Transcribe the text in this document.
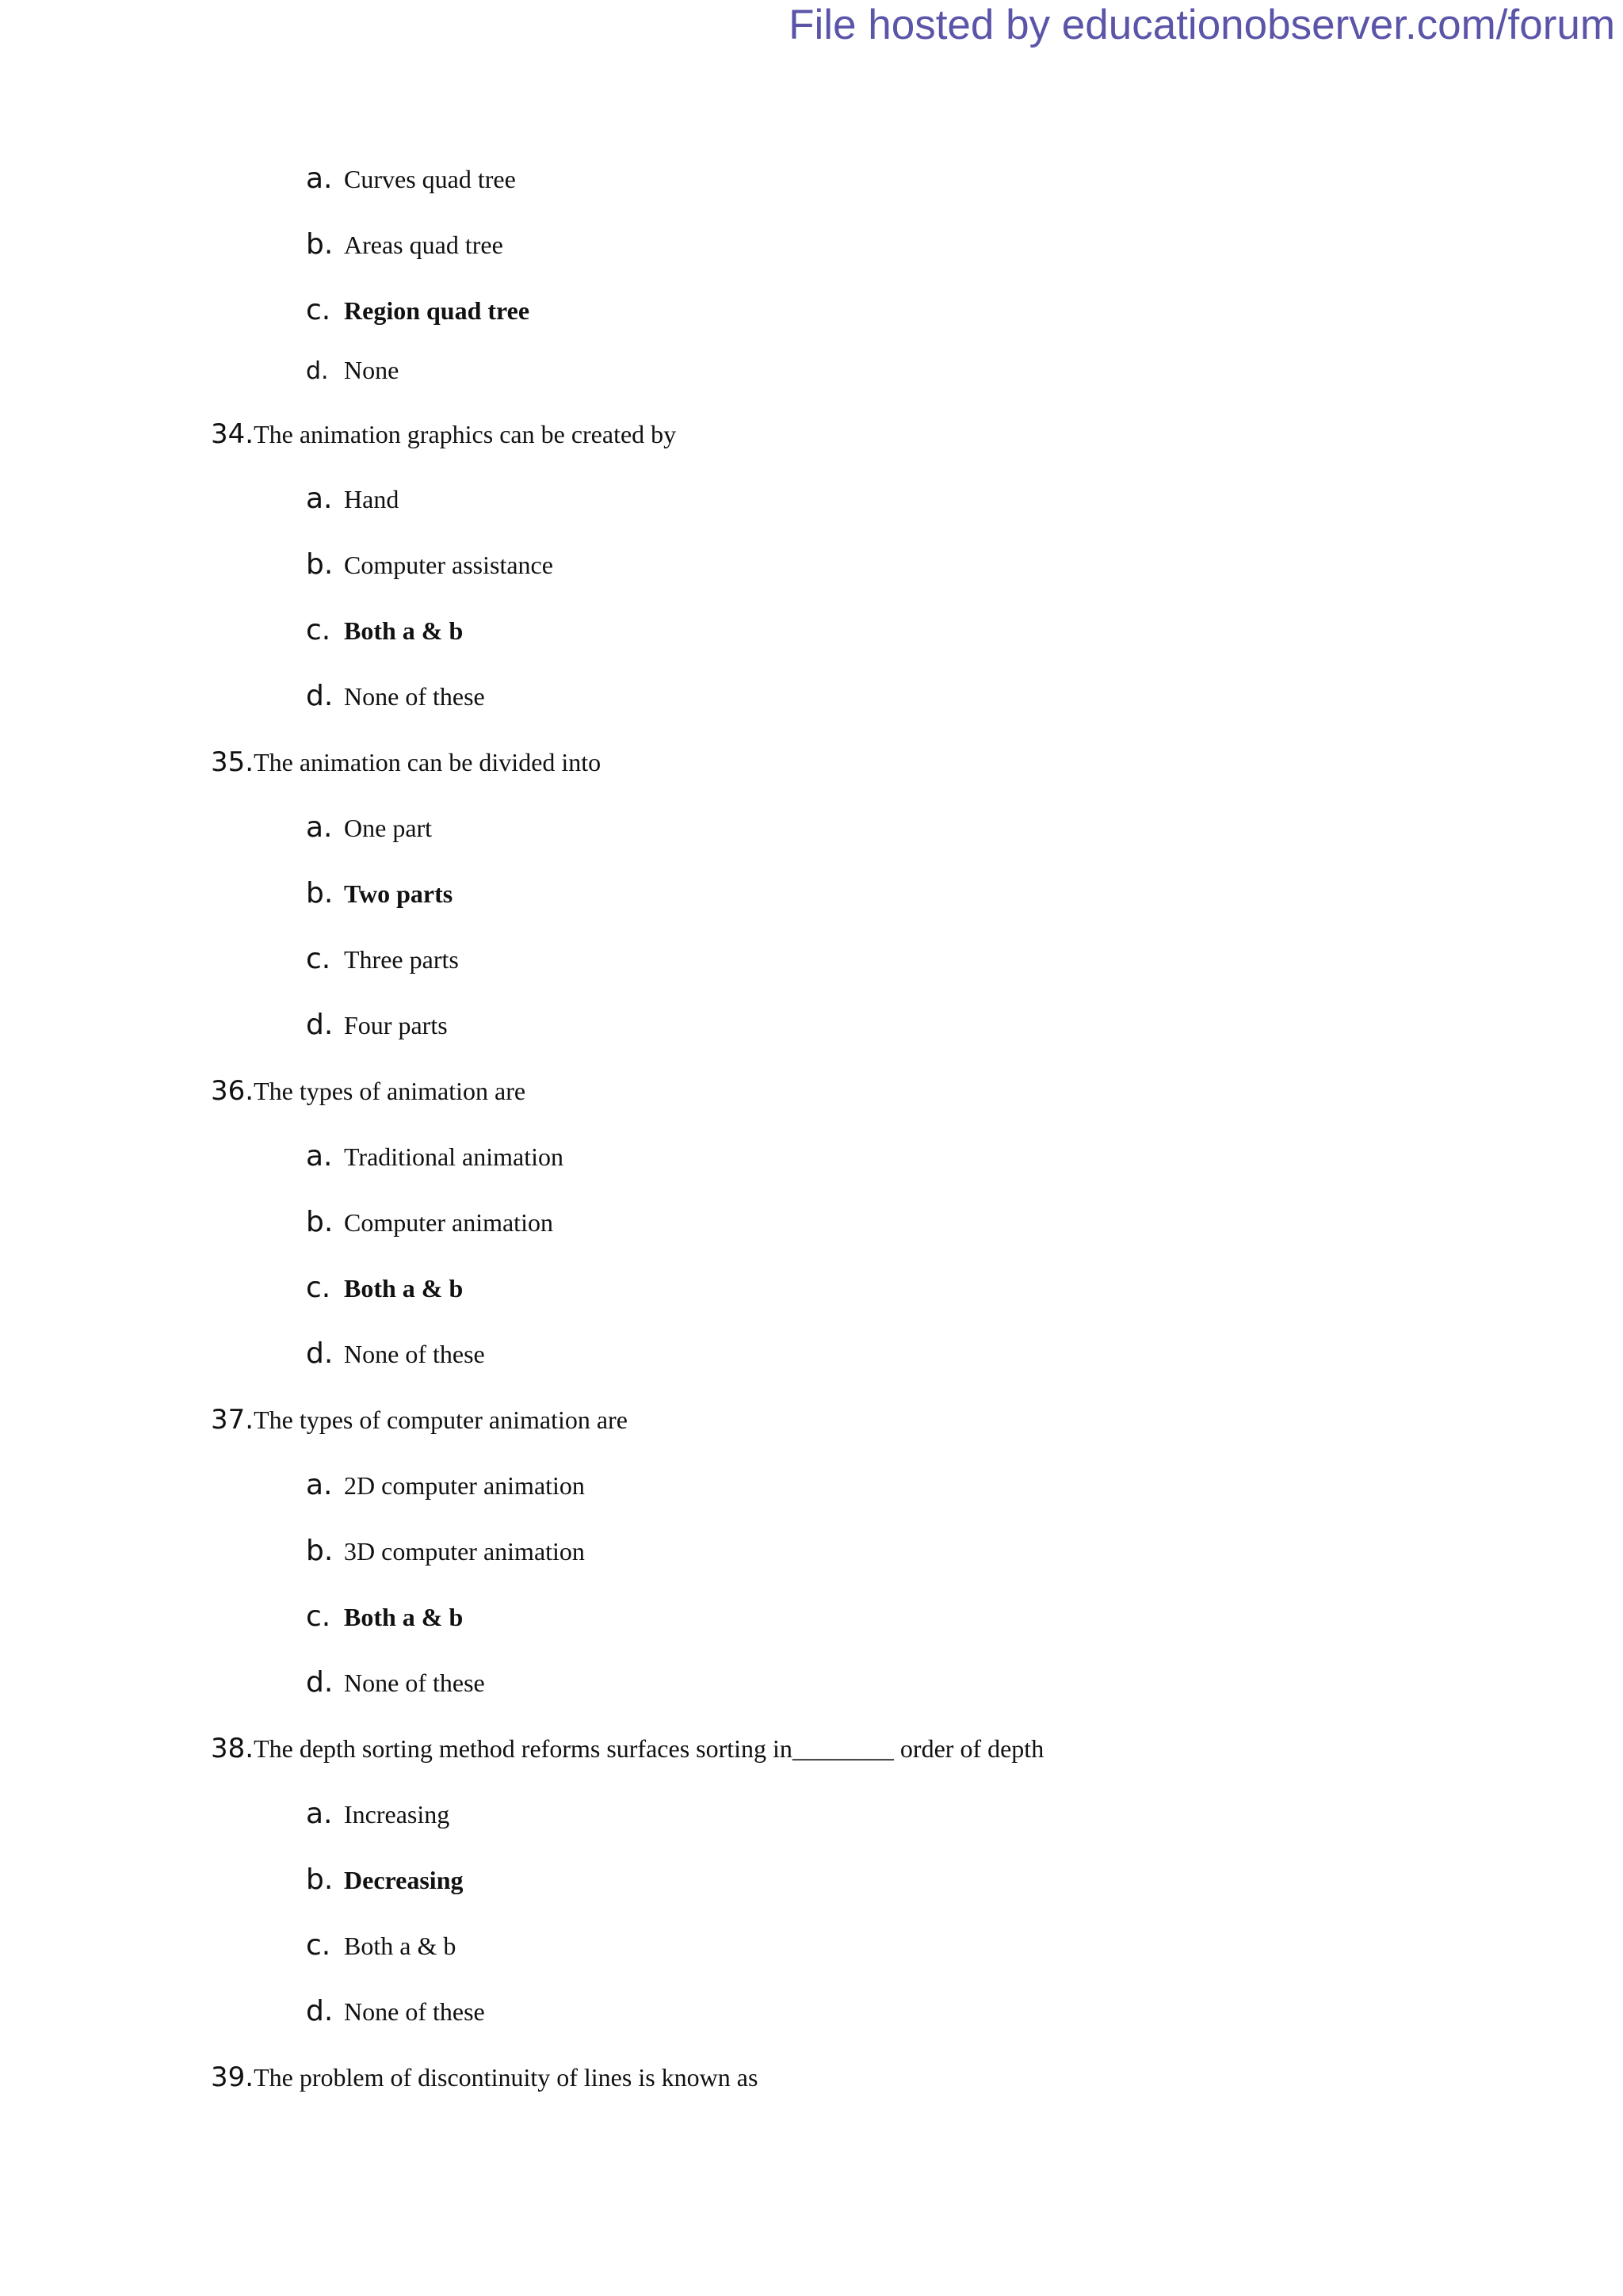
File hosted by educationobserver.com/forum
a. Curves quad tree
b. Areas quad tree
c. Region quad tree
d. None
34.The animation graphics can be created by
a. Hand
b. Computer assistance
c. Both a & b
d. None of these
35.The animation can be divided into
a. One part
b. Two parts
c. Three parts
d. Four parts
36.The types of animation are
a. Traditional animation
b. Computer animation
c. Both a & b
d. None of these
37.The types of computer animation are
a. 2D computer animation
b. 3D computer animation
c. Both a & b
d. None of these
38.The depth sorting method reforms surfaces sorting in________ order of depth
a. Increasing
b. Decreasing
c. Both a & b
d. None of these
39.The problem of discontinuity of lines is known as
